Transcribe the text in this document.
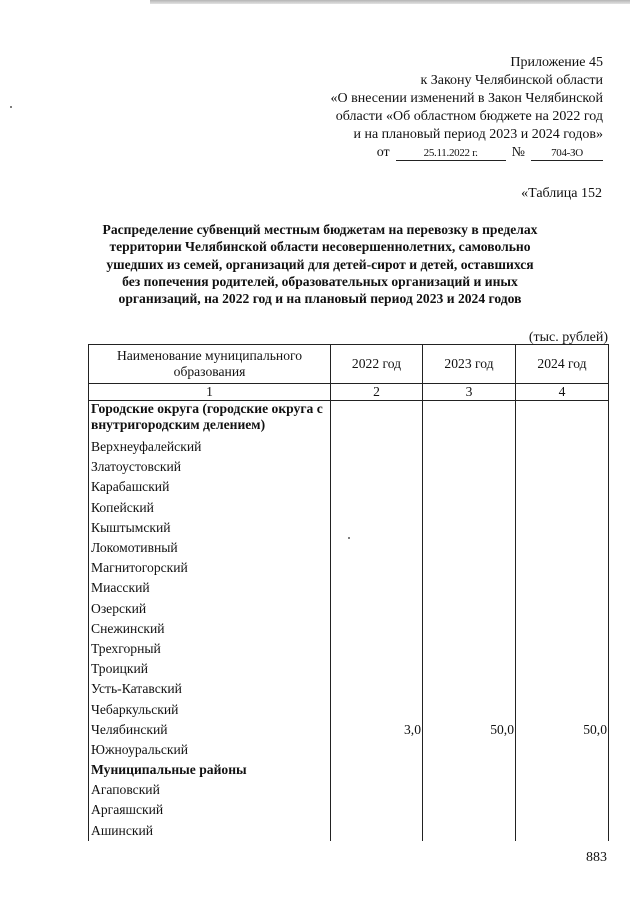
Приложение 45
к Закону Челябинской области
«О внесении изменений в Закон Челябинской
области «Об областном бюджете на 2022 год
и на плановый период 2023 и 2024 годов»
от	25.11.2022 г.	№	704-ЗО
«Таблица 152
Распределение субвенций местным бюджетам на перевозку в пределах территории Челябинской области несовершеннолетних, самовольно ушедших из семей, организаций для детей-сирот и детей, оставшихся без попечения родителей, образовательных организаций и иных организаций, на 2022 год и на плановый период 2023 и 2024 годов
(тыс. рублей)
Наименование муниципального образования	2022 год	2023 год	2024 год
1	2	3	4
Городские округа (городские округа с внутригородским делением)			
Верхнеуфалейский			
Златоустовский			
Карабашский			
Копейский			
Кыштымский			
Локомотивный			
Магнитогорский			
Миасский			
Озерский			
Снежинский			
Трехгорный			
Троицкий			
Усть-Катавский			
Чебаркульский			
Челябинский	3,0	50,0	50,0
Южноуральский			
Муниципальные районы			
Агаповский			
Аргаяшский			
Ашинский			
883
